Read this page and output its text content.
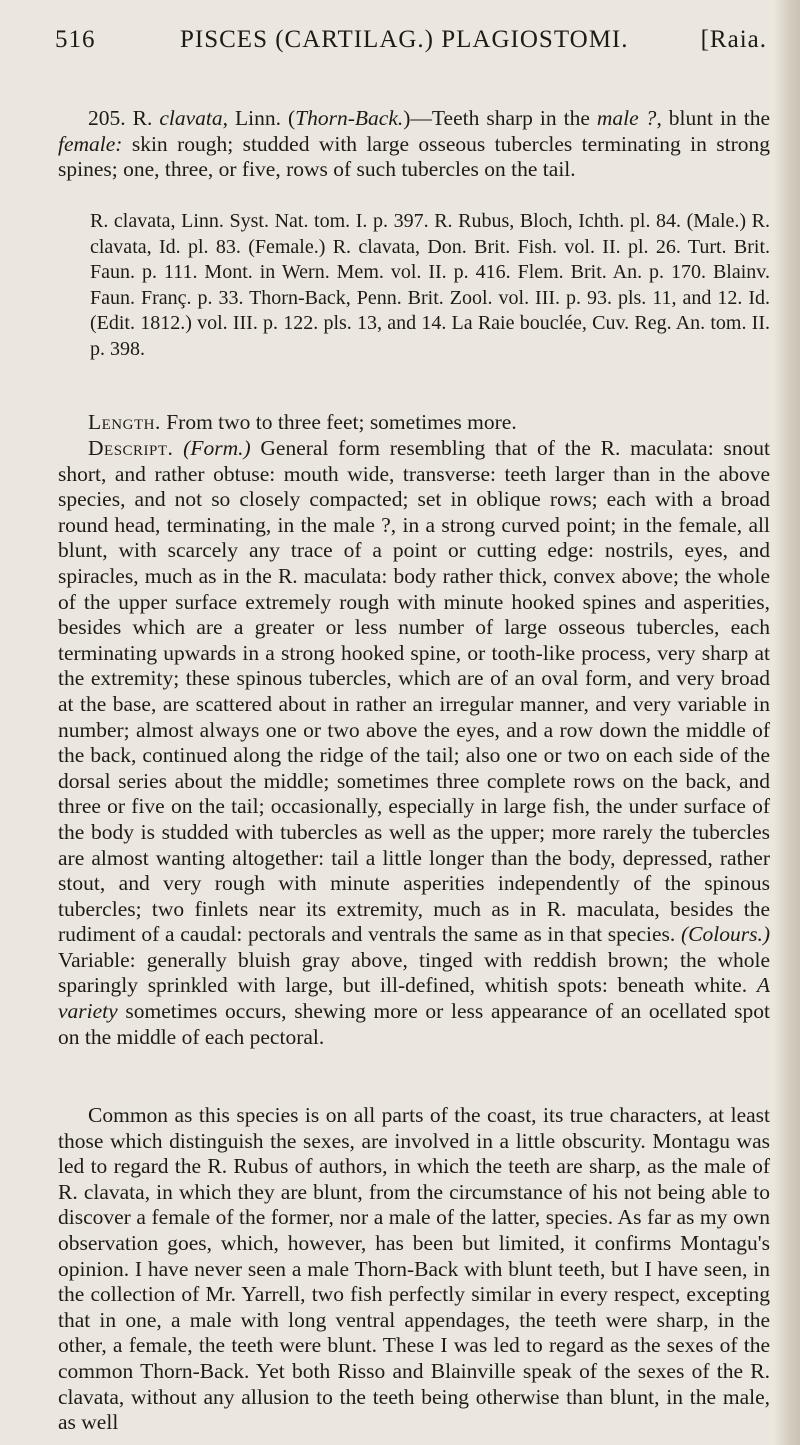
516	PISCES (CARTILAG.) PLAGIOSTOMI.	[Raia.

205. R. clavata, Linn. (Thorn-Back.)—Teeth sharp in the male ?, blunt in the female: skin rough; studded with large osseous tubercles terminating in strong spines; one, three, or five, rows of such tubercles on the tail.

R. clavata, Linn. Syst. Nat. tom. I. p. 397. R. Rubus, Bloch, Ichth. pl. 84. (Male.) R. clavata, Id. pl. 83. (Female.) R. clavata, Don. Brit. Fish. vol. II. pl. 26. Turt. Brit. Faun. p. 111. Mont. in Wern. Mem. vol. II. p. 416. Flem. Brit. An. p. 170. Blainv. Faun. Franç. p. 33. Thorn-Back, Penn. Brit. Zool. vol. III. p. 93. pls. 11, and 12. Id. (Edit. 1812.) vol. III. p. 122. pls. 13, and 14. La Raie bouclée, Cuv. Reg. An. tom. II. p. 398.

Length. From two to three feet; sometimes more.

Descript. (Form.) General form resembling that of the R. maculata: snout short, and rather obtuse: mouth wide, transverse: teeth larger than in the above species, and not so closely compacted; set in oblique rows; each with a broad round head, terminating, in the male ?, in a strong curved point; in the female, all blunt, with scarcely any trace of a point or cutting edge: nostrils, eyes, and spiracles, much as in the R. maculata: body rather thick, convex above; the whole of the upper surface extremely rough with minute hooked spines and asperities, besides which are a greater or less number of large osseous tubercles, each terminating upwards in a strong hooked spine, or tooth-like process, very sharp at the extremity; these spinous tubercles, which are of an oval form, and very broad at the base, are scattered about in rather an irregular manner, and very variable in number; almost always one or two above the eyes, and a row down the middle of the back, continued along the ridge of the tail; also one or two on each side of the dorsal series about the middle; sometimes three complete rows on the back, and three or five on the tail; occasionally, especially in large fish, the under surface of the body is studded with tubercles as well as the upper; more rarely the tubercles are almost wanting altogether: tail a little longer than the body, depressed, rather stout, and very rough with minute asperities independently of the spinous tubercles; two finlets near its extremity, much as in R. maculata, besides the rudiment of a caudal: pectorals and ventrals the same as in that species. (Colours.) Variable: generally bluish gray above, tinged with reddish brown; the whole sparingly sprinkled with large, but ill-defined, whitish spots: beneath white. A variety sometimes occurs, shewing more or less appearance of an ocellated spot on the middle of each pectoral.

Common as this species is on all parts of the coast, its true characters, at least those which distinguish the sexes, are involved in a little obscurity. Montagu was led to regard the R. Rubus of authors, in which the teeth are sharp, as the male of R. clavata, in which they are blunt, from the circumstance of his not being able to discover a female of the former, nor a male of the latter, species. As far as my own observation goes, which, however, has been but limited, it confirms Montagu's opinion. I have never seen a male Thorn-Back with blunt teeth, but I have seen, in the collection of Mr. Yarrell, two fish perfectly similar in every respect, excepting that in one, a male with long ventral appendages, the teeth were sharp, in the other, a female, the teeth were blunt. These I was led to regard as the sexes of the common Thorn-Back. Yet both Risso and Blainville speak of the sexes of the R. clavata, without any allusion to the teeth being otherwise than blunt, in the male, as well
